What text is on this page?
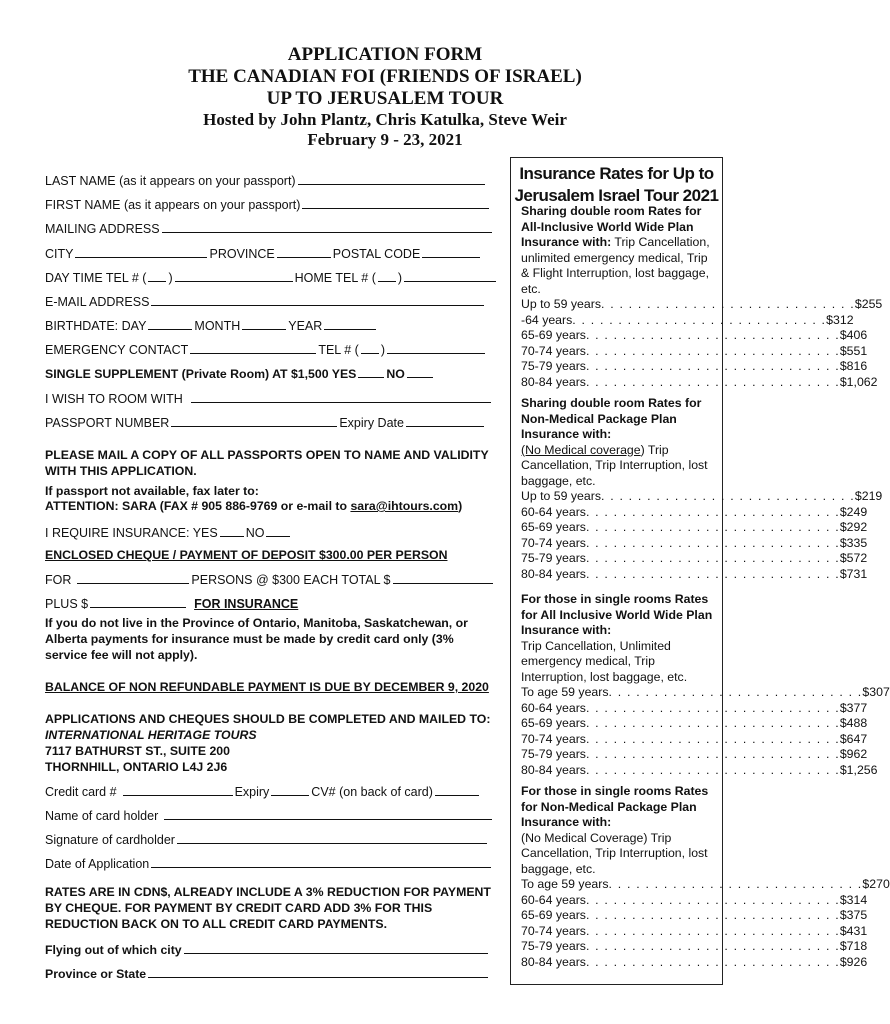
APPLICATION FORM
THE CANADIAN FOI (FRIENDS OF ISRAEL)
UP TO JERUSALEM TOUR
Hosted by John Plantz, Chris Katulka, Steve Weir
February 9 - 23, 2021
LAST NAME (as it appears on your passport)
FIRST NAME (as it appears on your passport)
MAILING ADDRESS
CITY	PROVINCE	POSTAL CODE
DAY TIME TEL # ( )	HOME TEL # ( )
E-MAIL ADDRESS
BIRTHDATE: DAY	MONTH	YEAR
EMERGENCY CONTACT	TEL # ( )
SINGLE SUPPLEMENT (Private Room) AT $1,500 YES NO
I WISH TO ROOM WITH
PASSPORT NUMBER	Expiry Date
PLEASE MAIL A COPY OF ALL PASSPORTS OPEN TO NAME AND VALIDITY WITH THIS APPLICATION.
If passport not available, fax later to:
ATTENTION: SARA (FAX # 905 886-9769 or e-mail to sara@ihtours.com)
I REQUIRE INSURANCE: YES NO
ENCLOSED CHEQUE / PAYMENT OF DEPOSIT $300.00 PER PERSON
FOR	PERSONS @ $300 EACH TOTAL $
PLUS $	FOR INSURANCE
If you do not live in the Province of Ontario, Manitoba, Saskatchewan, or Alberta payments for insurance must be made by credit card only (3% service fee will not apply).
BALANCE OF NON REFUNDABLE PAYMENT IS DUE BY DECEMBER 9, 2020
APPLICATIONS AND CHEQUES SHOULD BE COMPLETED AND MAILED TO:
INTERNATIONAL HERITAGE TOURS
7117 BATHURST ST., SUITE 200
THORNHILL, ONTARIO L4J 2J6
Credit card #	Expiry	CV# (on back of card)
Name of card holder
Signature of cardholder
Date of Application
RATES ARE IN CDN$, ALREADY INCLUDE A 3% REDUCTION FOR PAYMENT BY CHEQUE. FOR PAYMENT BY CREDIT CARD ADD 3% FOR THIS REDUCTION BACK ON TO ALL CREDIT CARD PAYMENTS.
Flying out of which city
Province or State
Insurance Rates for Up to
Jerusalem Israel Tour 2021
Sharing double room Rates for All-Inclusive World Wide Plan Insurance with: Trip Cancellation, unlimited emergency medical, Trip & Flight Interruption, lost baggage, etc.
Up to 59 years . . . . . . . . . . . . . . . . . . . . . . . . . . . . $255
-64 years . . . . . . . . . . . . . . . . . . . . . . . . . . . . $312
65-69 years . . . . . . . . . . . . . . . . . . . . . . . . . . . . $406
70-74 years . . . . . . . . . . . . . . . . . . . . . . . . . . . . $551
75-79 years . . . . . . . . . . . . . . . . . . . . . . . . . . . . $816
80-84 years . . . . . . . . . . . . . . . . . . . . . . . . . . . . $1,062
Sharing double room Rates for Non-Medical Package Plan Insurance with:
(No Medical coverage) Trip Cancellation, Trip Interruption, lost baggage, etc.
Up to 59 years . . . . . . . . . . . . . . . . . . . . . . . . . . . . $219
60-64 years . . . . . . . . . . . . . . . . . . . . . . . . . . . . $249
65-69 years . . . . . . . . . . . . . . . . . . . . . . . . . . . . $292
70-74 years . . . . . . . . . . . . . . . . . . . . . . . . . . . . $335
75-79 years . . . . . . . . . . . . . . . . . . . . . . . . . . . . $572
80-84 years . . . . . . . . . . . . . . . . . . . . . . . . . . . . $731
For those in single rooms Rates for All Inclusive World Wide Plan Insurance with:
Trip Cancellation, Unlimited emergency medical, Trip Interruption, lost baggage, etc.
To age 59 years . . . . . . . . . . . . . . . . . . . . . . . . . . . . $307
60-64 years . . . . . . . . . . . . . . . . . . . . . . . . . . . . $377
65-69 years . . . . . . . . . . . . . . . . . . . . . . . . . . . . $488
70-74 years . . . . . . . . . . . . . . . . . . . . . . . . . . . . $647
75-79 years . . . . . . . . . . . . . . . . . . . . . . . . . . . . $962
80-84 years . . . . . . . . . . . . . . . . . . . . . . . . . . . . $1,256
For those in single rooms Rates for Non-Medical Package Plan Insurance with:
(No Medical Coverage) Trip Cancellation, Trip Interruption, lost baggage, etc.
To age 59 years . . . . . . . . . . . . . . . . . . . . . . . . . . . . $270
60-64 years . . . . . . . . . . . . . . . . . . . . . . . . . . . . $314
65-69 years . . . . . . . . . . . . . . . . . . . . . . . . . . . . $375
70-74 years . . . . . . . . . . . . . . . . . . . . . . . . . . . . $431
75-79 years . . . . . . . . . . . . . . . . . . . . . . . . . . . . $718
80-84 years . . . . . . . . . . . . . . . . . . . . . . . . . . . . $926
